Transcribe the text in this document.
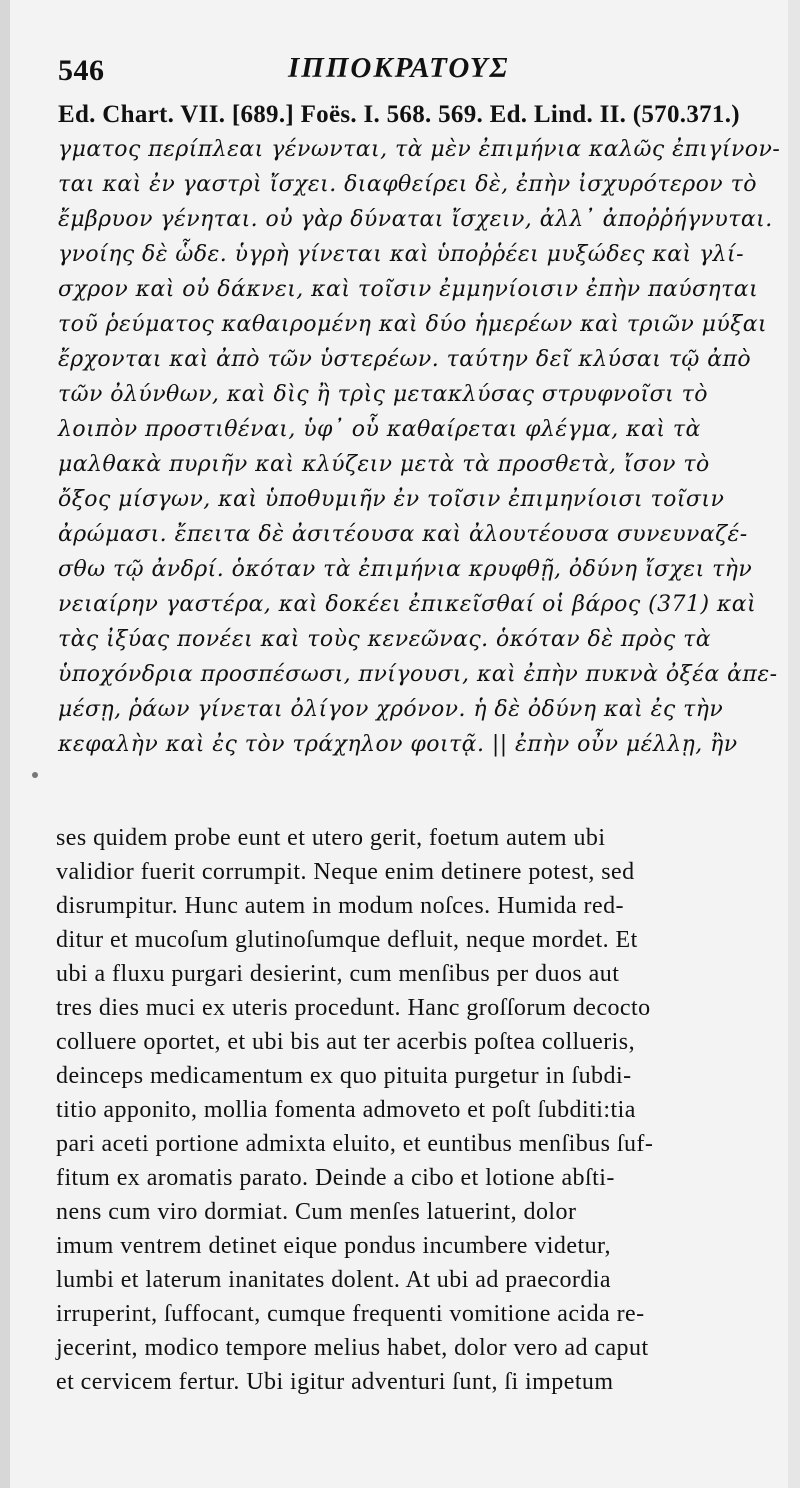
546	ΙΠΠΟΚΡΑΤΟΥΣ
Ed. Chart. VII. [689.] Foës. I. 568. 569. Ed. Lind. II. (570.371.)
γματος περίπλεαι γένωνται, τὰ μὲν ἐπιμήνια καλῶς ἐπιγίνον-
ται καὶ ἐν γαστρὶ ἴσχει. διαφθείρει δὲ, ἐπὴν ἰσχυρότερον τὸ
ἔμβρυον γένηται. οὐ γὰρ δύναται ἴσχειν, ἀλλ᾽ ἀποῤῥήγνυται.
γνοίης δὲ ὧδε. ὑγρὴ γίνεται καὶ ὑποῤῥέει μυξώδες καὶ γλί-
σχρον καὶ οὐ δάκνει, καὶ τοῖσιν ἐμμηνίοισιν ἐπὴν παύσηται
τοῦ ῥεύματος καθαιρομένη καὶ δύο ἡμερέων καὶ τριῶν μύξαι
ἔρχονται καὶ ἀπὸ τῶν ὑστερέων. ταύτην δεῖ κλύσαι τῷ ἀπὸ
τῶν ὀλύνθων, καὶ δὶς ἢ τρὶς μετακλύσας στρυφνοῖσι τὸ
λοιπὸν προστιθέναι, ὑφ᾽ οὗ καθαίρεται φλέγμα, καὶ τὰ
μαλθακὰ πυριῆν καὶ κλύζειν μετὰ τὰ προσθετὰ, ἴσον τὸ
ὄξος μίσγων, καὶ ὑποθυμιῆν ἐν τοῖσιν ἐπιμηνίοισι τοῖσιν
ἀρώμασι. ἔπειτα δὲ ἀσιτέουσα καὶ ἀλουτέουσα συνευναζέ-
σθω τῷ ἀνδρί. ὁκόταν τὰ ἐπιμήνια κρυφθῇ, ὀδύνη ἴσχει τὴν
νειαίρην γαστέρα, καὶ δοκέει ἐπικεῖσθαί οἱ βάρος (371) καὶ
τὰς ἰξύας πονέει καὶ τοὺς κενεῶνας. ὁκόταν δὲ πρὸς τὰ
ὑποχόνδρια προσπέσωσι, πνίγουσι, καὶ ἐπὴν πυκνὰ ὀξέα ἀπε-
μέσῃ, ῥάων γίνεται ὀλίγον χρόνον. ἡ δὲ ὀδύνη καὶ ἐς τὴν
κεφαλὴν καὶ ἐς τὸν τράχηλον φοιτᾷ. || ἐπὴν οὖν μέλλῃ, ἢν
ses quidem probe eunt et utero gerit, foetum autem ubi
validior fuerit corrumpit. Neque enim detinere potest, sed
disrumpitur. Hunc autem in modum noſces. Humida red-
ditur et mucoſum glutinoſumque defluit, neque mordet. Et
ubi a fluxu purgari desierint, cum menſibus per duos aut
tres dies muci ex uteris procedunt. Hanc groſſorum decocto
colluere oportet, et ubi bis aut ter acerbis poſtea collueris,
deinceps medicamentum ex quo pituita purgetur in ſubdi-
titio apponito, mollia fomenta admoveto et poſt ſubditi:tia
pari aceti portione admixta eluito, et euntibus menſibus ſuf-
fitum ex aromatis parato. Deinde a cibo et lotione abſti-
nens cum viro dormiat. Cum menſes latuerint, dolor
imum ventrem detinet eique pondus incumbere videtur,
lumbi et laterum inanitates dolent. At ubi ad praecordia
irruperint, ſuffocant, cumque frequenti vomitione acida re-
jecerint, modico tempore melius habet, dolor vero ad caput
et cervicem fertur. Ubi igitur adventuri ſunt, ſi impetum
